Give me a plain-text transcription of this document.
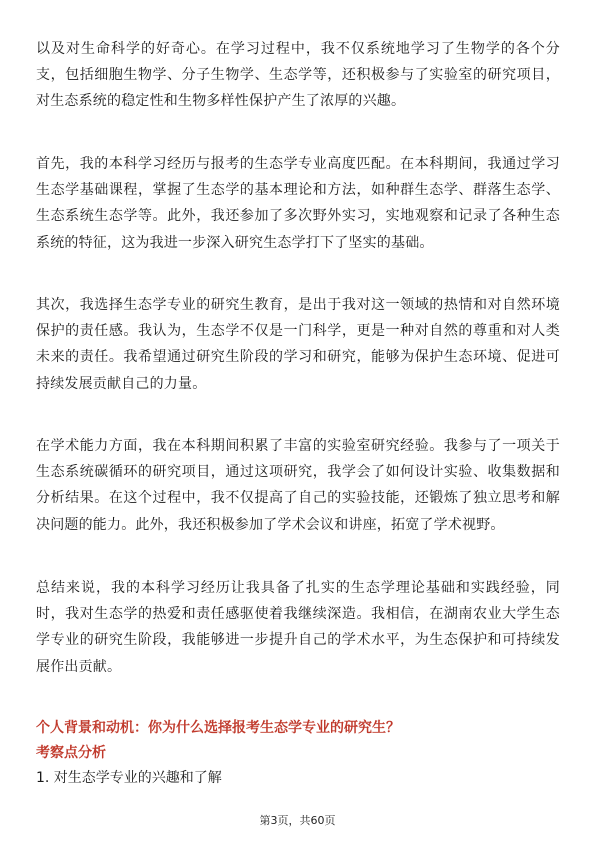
以及对生命科学的好奇心。在学习过程中，我不仅系统地学习了生物学的各个分支，包括细胞生物学、分子生物学、生态学等，还积极参与了实验室的研究项目，对生态系统的稳定性和生物多样性保护产生了浓厚的兴趣。

首先，我的本科学习经历与报考的生态学专业高度匹配。在本科期间，我通过学习生态学基础课程，掌握了生态学的基本理论和方法，如种群生态学、群落生态学、生态系统生态学等。此外，我还参加了多次野外实习，实地观察和记录了各种生态系统的特征，这为我进一步深入研究生态学打下了坚实的基础。

其次，我选择生态学专业的研究生教育，是出于我对这一领域的热情和对自然环境保护的责任感。我认为，生态学不仅是一门科学，更是一种对自然的尊重和对人类未来的责任。我希望通过研究生阶段的学习和研究，能够为保护生态环境、促进可持续发展贡献自己的力量。

在学术能力方面，我在本科期间积累了丰富的实验室研究经验。我参与了一项关于生态系统碳循环的研究项目，通过这项研究，我学会了如何设计实验、收集数据和分析结果。在这个过程中，我不仅提高了自己的实验技能，还锻炼了独立思考和解决问题的能力。此外，我还积极参加了学术会议和讲座，拓宽了学术视野。

总结来说，我的本科学习经历让我具备了扎实的生态学理论基础和实践经验，同时，我对生态学的热爱和责任感驱使着我继续深造。我相信，在湖南农业大学生态学专业的研究生阶段，我能够进一步提升自己的学术水平，为生态保护和可持续发展作出贡献。

个人背景和动机：你为什么选择报考生态学专业的研究生？

考察点分析

1. 对生态学专业的兴趣和了解

第3页，共60页
